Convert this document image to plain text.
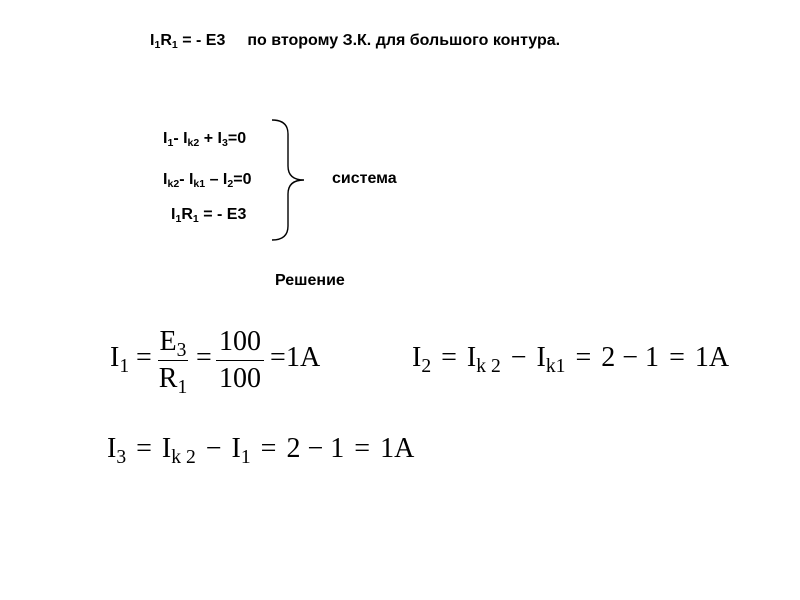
$I_1R_1$ = - E3 по второму З.К. для большого контура.
$I_1-$ $I_{k2} + I_3=0$
$I_{k2}-$ $I_{k1} - I_2=0$
$I_1R_1$ = - E3
система
Решение
$I_1$ =
$E_3$
$R_1$
=
100
100
= 1A	$I_2 = I_{k 2} - I_{k1} = 2 - 1 = 1A$
$I_3 = I_{k 2} - I_1 = 2 - 1 = 1A$
